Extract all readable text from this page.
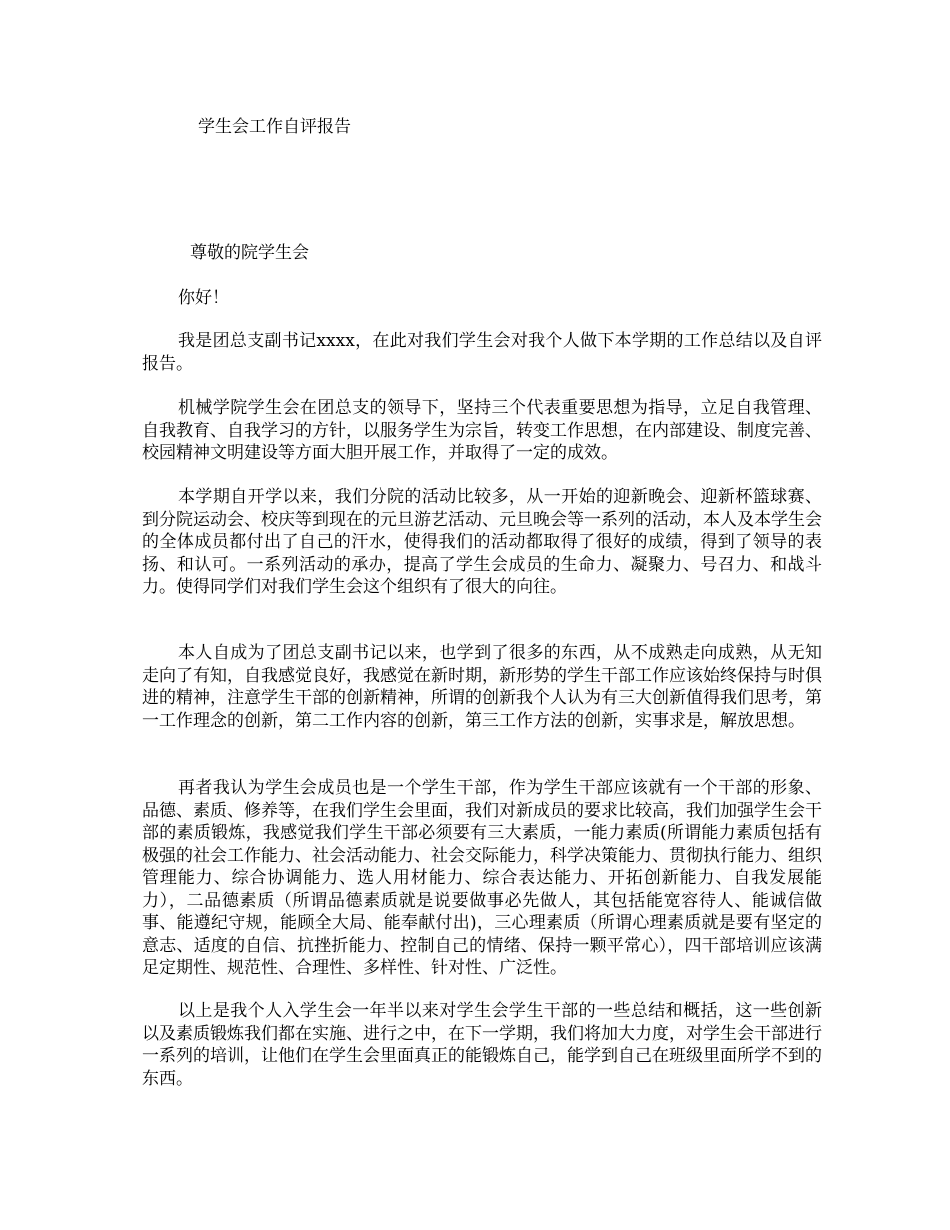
学生会工作自评报告
尊敬的院学生会
你好！

我是团总支副书记xxxx，在此对我们学生会对我个人做下本学期的工作总结以及自评报告。

机械学院学生会在团总支的领导下，坚持三个代表重要思想为指导，立足自我管理、自我教育、自我学习的方针，以服务学生为宗旨，转变工作思想，在内部建设、制度完善、校园精神文明建设等方面大胆开展工作，并取得了一定的成效。

本学期自开学以来，我们分院的活动比较多，从一开始的迎新晚会、迎新杯篮球赛、到分院运动会、校庆等到现在的元旦游艺活动、元旦晚会等一系列的活动，本人及本学生会的全体成员都付出了自己的汗水，使得我们的活动都取得了很好的成绩，得到了领导的表扬、和认可。一系列活动的承办，提高了学生会成员的生命力、凝聚力、号召力、和战斗力。使得同学们对我们学生会这个组织有了很大的向往。

本人自成为了团总支副书记以来，也学到了很多的东西，从不成熟走向成熟，从无知走向了有知，自我感觉良好，我感觉在新时期，新形势的学生干部工作应该始终保持与时俱进的精神，注意学生干部的创新精神，所谓的创新我个人认为有三大创新值得我们思考，第一工作理念的创新，第二工作内容的创新，第三工作方法的创新，实事求是，解放思想。

再者我认为学生会成员也是一个学生干部，作为学生干部应该就有一个干部的形象、品德、素质、修养等，在我们学生会里面，我们对新成员的要求比较高，我们加强学生会干部的素质锻炼，我感觉我们学生干部必须要有三大素质，一能力素质(所谓能力素质包括有极强的社会工作能力、社会活动能力、社会交际能力，科学决策能力、贯彻执行能力、组织管理能力、综合协调能力、选人用材能力、综合表达能力、开拓创新能力、自我发展能力），二品德素质（所谓品德素质就是说要做事必先做人，其包括能宽容待人、能诚信做事、能遵纪守规，能顾全大局、能奉献付出)，三心理素质（所谓心理素质就是要有坚定的意志、适度的自信、抗挫折能力、控制自己的情绪、保持一颗平常心），四干部培训应该满足定期性、规范性、合理性、多样性、针对性、广泛性。

以上是我个人入学生会一年半以来对学生会学生干部的一些总结和概括，这一些创新以及素质锻炼我们都在实施、进行之中，在下一学期，我们将加大力度，对学生会干部进行一系列的培训，让他们在学生会里面真正的能锻炼自己，能学到自己在班级里面所学不到的东西。
